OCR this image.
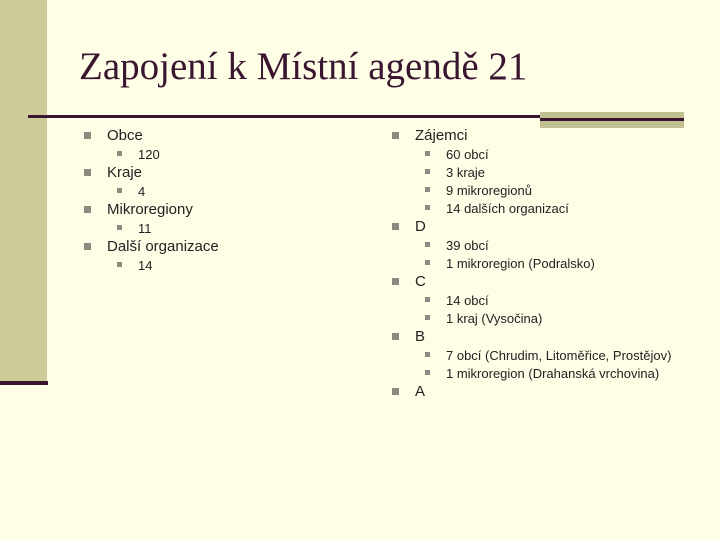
Zapojení k Místní agendě 21
Obce
120
Kraje
4
Mikroregiony
11
Další organizace
14
Zájemci
60 obcí
3 kraje
9 mikroregionů
14 dalších organizací
D
39 obcí
1 mikroregion (Podralsko)
C
14 obcí
1 kraj (Vysočina)
B
7 obcí (Chrudim, Litoměřice, Prostějov)
1 mikroregion (Drahanská vrchovina)
A
